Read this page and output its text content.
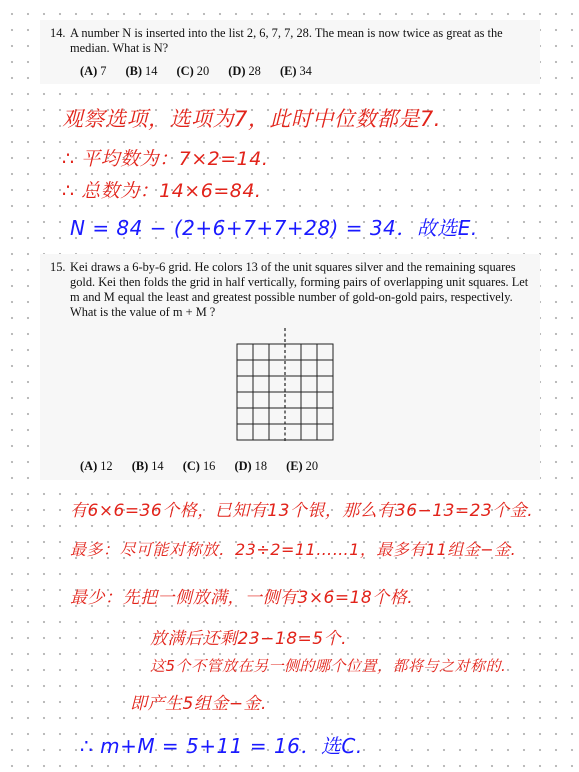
14. A number N is inserted into the list 2, 6, 7, 7, 28. The mean is now twice as great as the

median. What is N?

(A) 7 (B) 14 (C) 20 (D) 28 (E) 34
观察选项，选项为7，此时中位数都是7.
∴ 平均数为：7×2=14.
∴ 总数为：14×6=84.
N = 84 − (2+6+7+7+28) = 34．故选E.
15. Kei draws a 6-by-6 grid. He colors 13 of the unit squares silver and the remaining squares

gold. Kei then folds the grid in half vertically, forming pairs of overlapping unit squares. Let

m and M equal the least and greatest possible number of gold-on-gold pairs, respectively.

What is the value of m + M ?

(A) 12 (B) 14 (C) 16 (D) 18 (E) 20
有6×6=36个格，已知有13个银，那么有36−13=23个金.
最多：尽可能对称放．23÷2=11……1，最多有11组金−金.
最少：先把一侧放满，一侧有3×6=18个格.
放满后还剩23−18=5个.
这5个不管放在另一侧的哪个位置，都将与之对称的.
即产生5组金−金.
∴ m+M = 5+11 = 16．选C.
